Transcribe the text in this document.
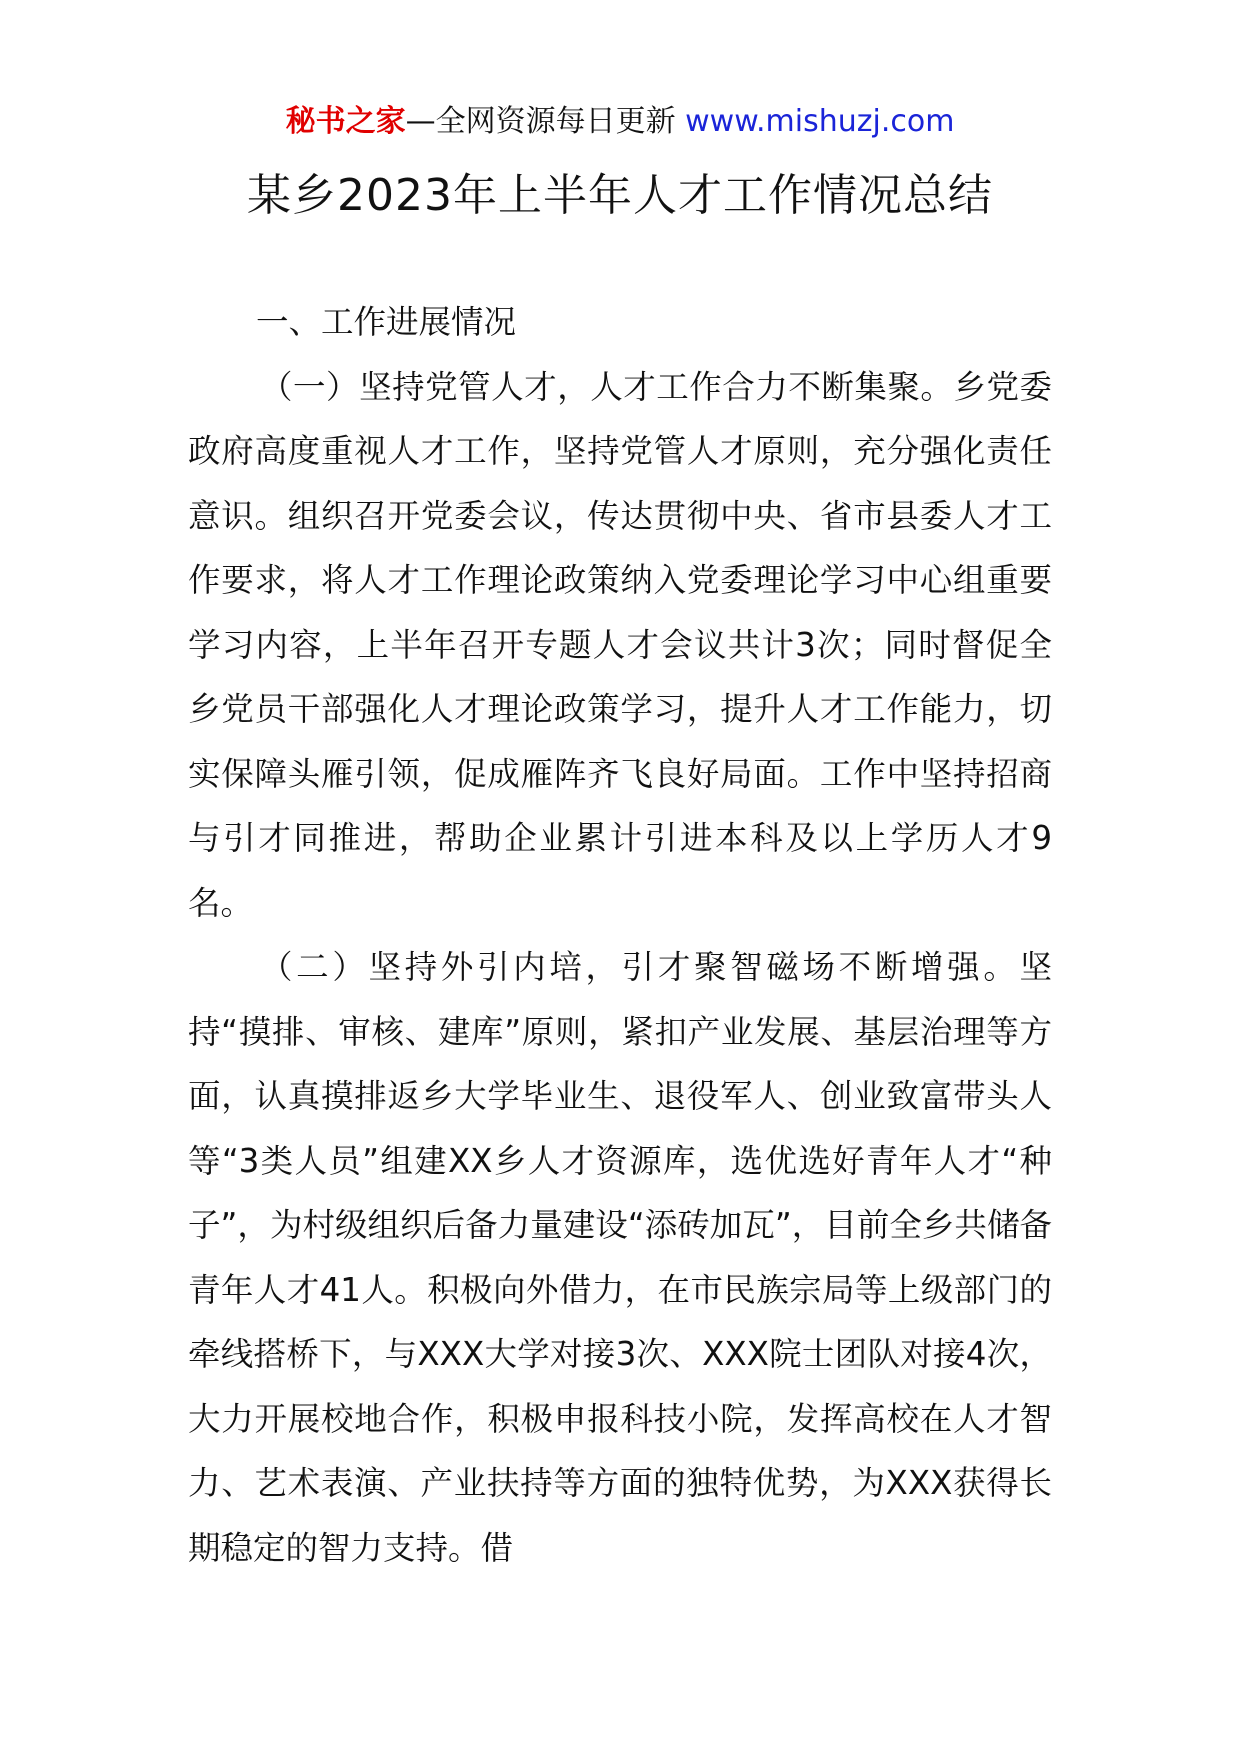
秘书之家—全网资源每日更新 www.mishuzj.com
某乡2023年上半年人才工作情况总结

一、工作进展情况

（一）坚持党管人才，人才工作合力不断集聚。乡党委政府高度重视人才工作，坚持党管人才原则，充分强化责任意识。组织召开党委会议，传达贯彻中央、省市县委人才工作要求，将人才工作理论政策纳入党委理论学习中心组重要学习内容，上半年召开专题人才会议共计3次；同时督促全乡党员干部强化人才理论政策学习，提升人才工作能力，切实保障头雁引领，促成雁阵齐飞良好局面。工作中坚持招商与引才同推进，帮助企业累计引进本科及以上学历人才9名。

（二）坚持外引内培，引才聚智磁场不断增强。坚持“摸排、审核、建库”原则，紧扣产业发展、基层治理等方面，认真摸排返乡大学毕业生、退役军人、创业致富带头人等“3类人员”组建XX乡人才资源库，选优选好青年人才“种子”，为村级组织后备力量建设“添砖加瓦”，目前全乡共储备青年人才41人。积极向外借力，在市民族宗局等上级部门的牵线搭桥下，与XXX大学对接3次、XXX院士团队对接4次，大力开展校地合作，积极申报科技小院，发挥高校在人才智力、艺术表演、产业扶持等方面的独特优势，为XXX获得长期稳定的智力支持。借
